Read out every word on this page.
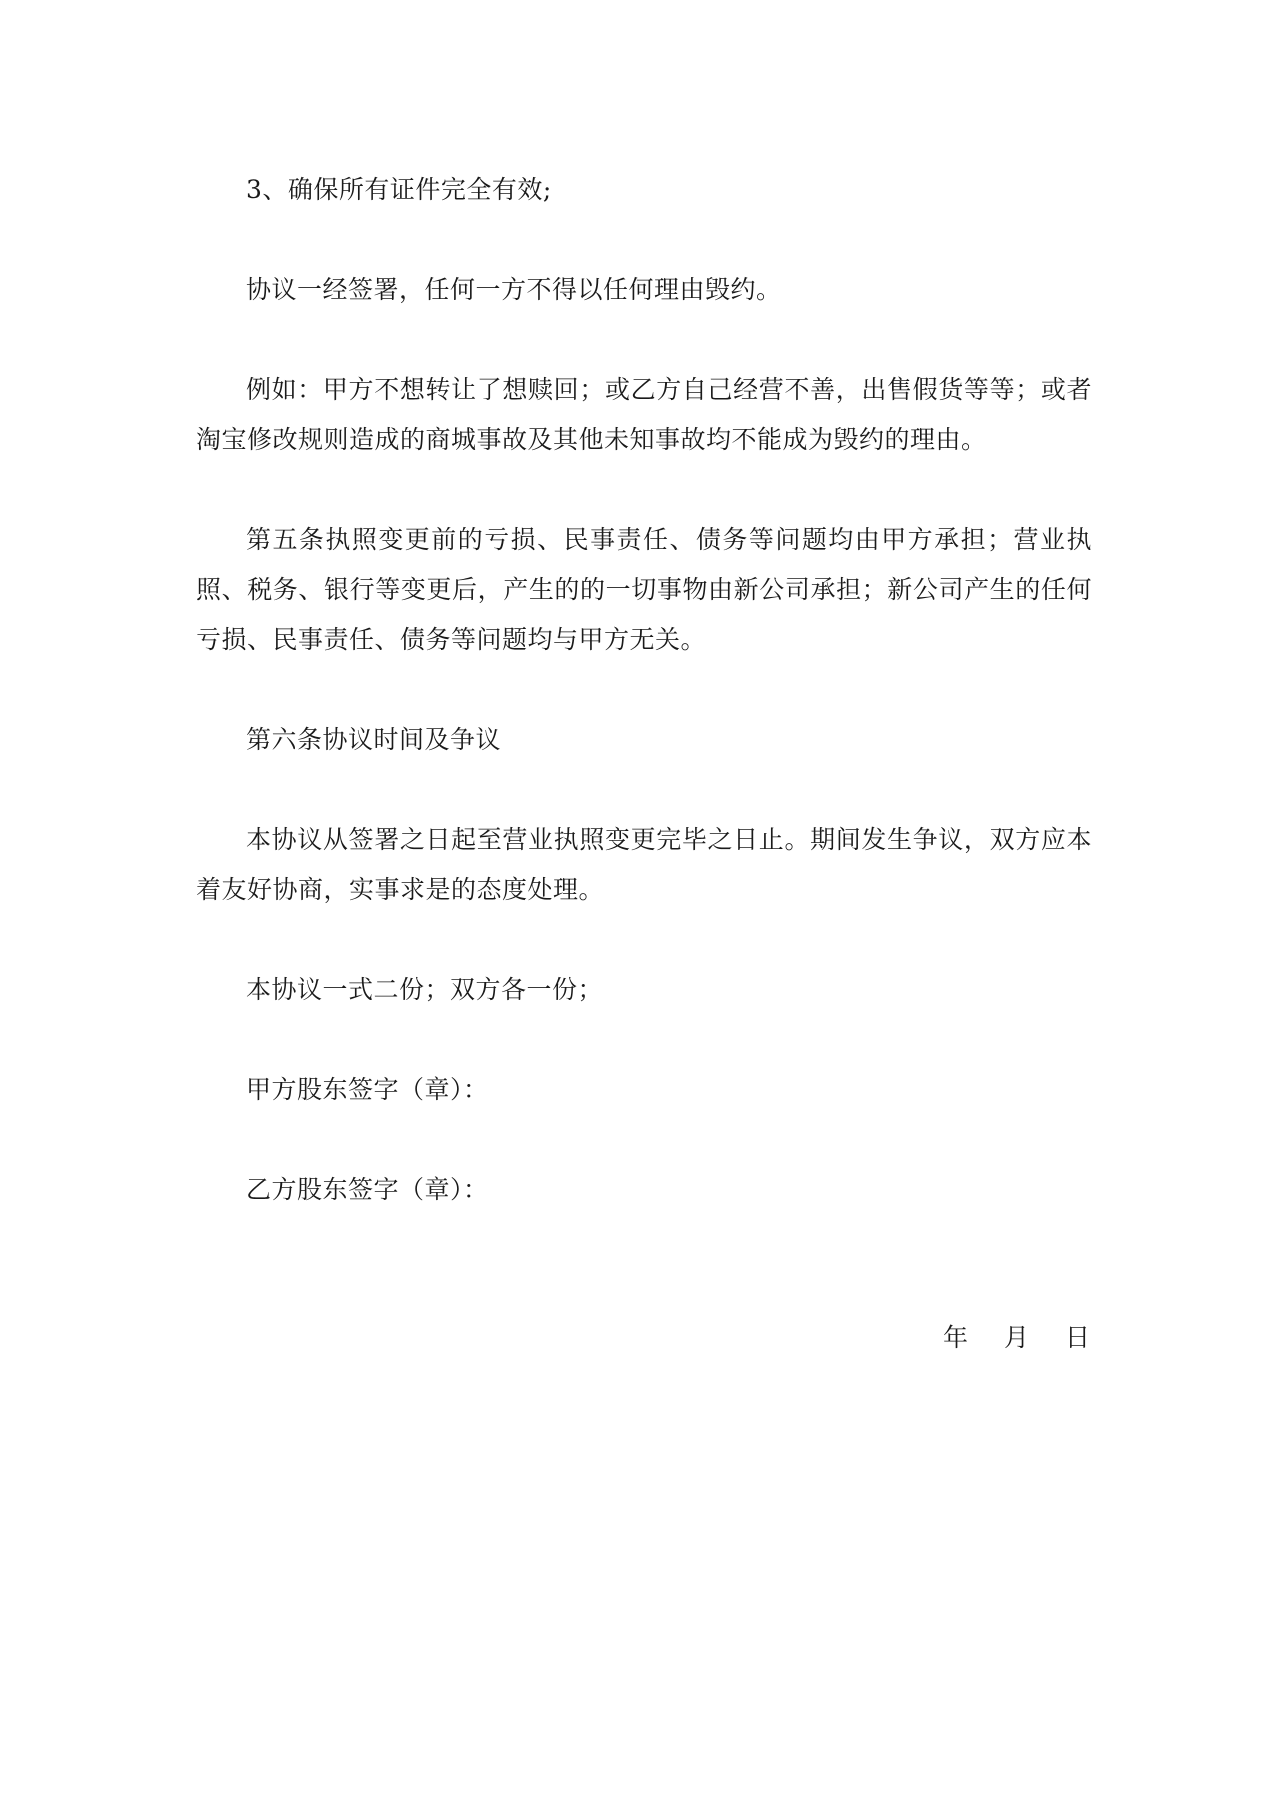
3、确保所有证件完全有效;

协议一经签署，任何一方不得以任何理由毁约。

例如：甲方不想转让了想赎回；或乙方自己经营不善，出售假货等等；或者淘宝修改规则造成的商城事故及其他未知事故均不能成为毁约的理由。

第五条执照变更前的亏损、民事责任、债务等问题均由甲方承担；营业执照、税务、银行等变更后，产生的的一切事物由新公司承担；新公司产生的任何亏损、民事责任、债务等问题均与甲方无关。

第六条协议时间及争议

本协议从签署之日起至营业执照变更完毕之日止。期间发生争议，双方应本着友好协商，实事求是的态度处理。

本协议一式二份；双方各一份；

甲方股东签字（章）：

乙方股东签字（章）：

年 月 日
